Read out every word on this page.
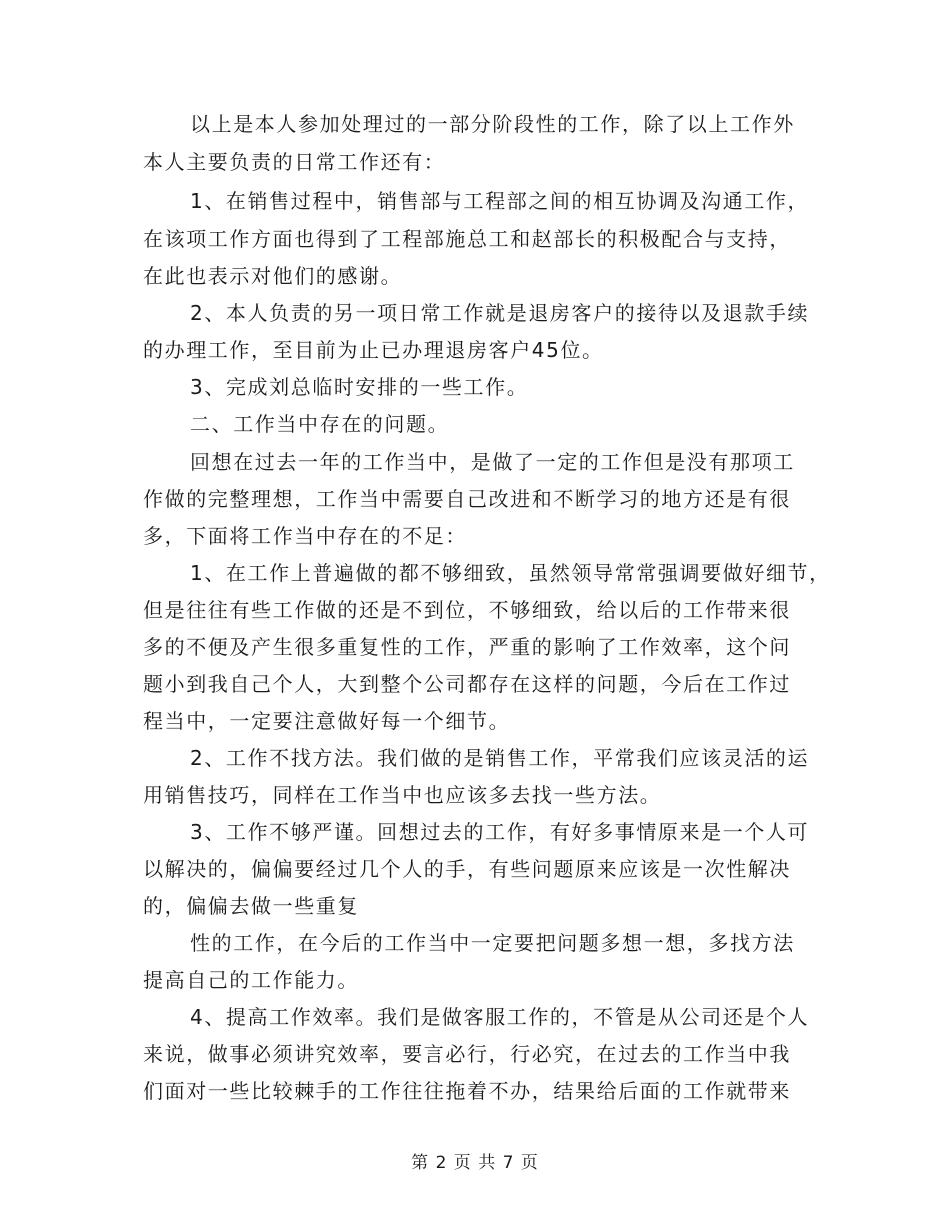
以上是本人参加处理过的一部分阶段性的工作，除了以上工作外
本人主要负责的日常工作还有：
1、在销售过程中，销售部与工程部之间的相互协调及沟通工作，
在该项工作方面也得到了工程部施总工和赵部长的积极配合与支持，
在此也表示对他们的感谢。
2、本人负责的另一项日常工作就是退房客户的接待以及退款手续
的办理工作，至目前为止已办理退房客户45位。
3、完成刘总临时安排的一些工作。
二、工作当中存在的问题。
回想在过去一年的工作当中，是做了一定的工作但是没有那项工
作做的完整理想，工作当中需要自己改进和不断学习的地方还是有很
多，下面将工作当中存在的不足：
1、在工作上普遍做的都不够细致，虽然领导常常强调要做好细节，
但是往往有些工作做的还是不到位，不够细致，给以后的工作带来很
多的不便及产生很多重复性的工作，严重的影响了工作效率，这个问
题小到我自己个人，大到整个公司都存在这样的问题，今后在工作过
程当中，一定要注意做好每一个细节。
2、工作不找方法。我们做的是销售工作，平常我们应该灵活的运
用销售技巧，同样在工作当中也应该多去找一些方法。
3、工作不够严谨。回想过去的工作，有好多事情原来是一个人可
以解决的，偏偏要经过几个人的手，有些问题原来应该是一次性解决
的，偏偏去做一些重复
性的工作，在今后的工作当中一定要把问题多想一想，多找方法
提高自己的工作能力。
4、提高工作效率。我们是做客服工作的，不管是从公司还是个人
来说，做事必须讲究效率，要言必行，行必究，在过去的工作当中我
们面对一些比较棘手的工作往往拖着不办，结果给后面的工作就带来
第 2 页 共 7 页
